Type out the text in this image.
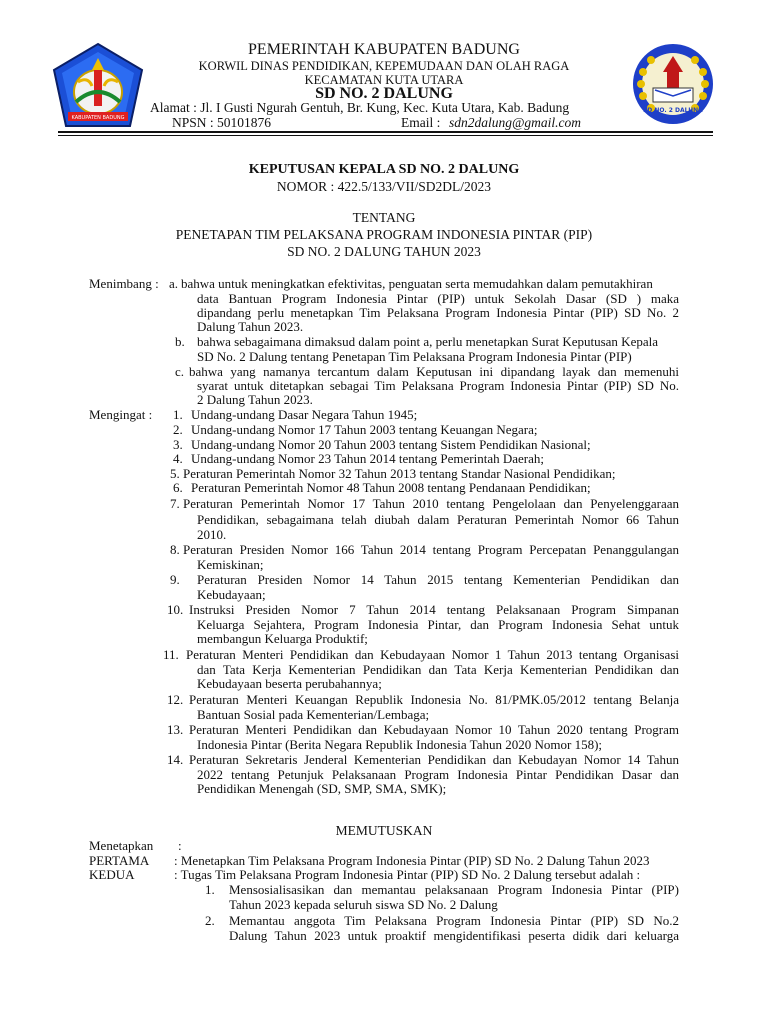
KABUPATEN BADUNG
SD NO. 2 DALUNG
PEMERINTAH KABUPATEN BADUNG
KORWIL DINAS PENDIDIKAN, KEPEMUDAAN DAN OLAH RAGA
KECAMATAN KUTA UTARA
SD NO. 2 DALUNG
Alamat : Jl. I Gusti Ngurah Gentuh, Br. Kung, Kec. Kuta Utara, Kab. Badung
NPSN : 50101876	Email : sdn2dalung@gmail.com
KEPUTUSAN KEPALA SD NO. 2 DALUNG
NOMOR : 422.5/133/VII/SD2DL/2023
TENTANG
PENETAPAN TIM PELAKSANA PROGRAM INDONESIA PINTAR (PIP)
SD NO. 2 DALUNG TAHUN 2023
Menimbang : a. bahwa untuk meningkatkan efektivitas, penguatan serta memudahkan dalam pemutakhiran
data Bantuan Program Indonesia Pintar (PIP) untuk Sekolah Dasar (SD ) maka
dipandang perlu menetapkan Tim Pelaksana Program Indonesia Pintar (PIP) SD No. 2
Dalung Tahun 2023.
b. bahwa sebagaimana dimaksud dalam point a, perlu menetapkan Surat Keputusan Kepala
SD No. 2 Dalung tentang Penetapan Tim Pelaksana Program Indonesia Pintar (PIP)
c. bahwa yang namanya tercantum dalam Keputusan ini dipandang layak dan memenuhi
syarat untuk ditetapkan sebagai Tim Pelaksana Program Indonesia Pintar (PIP) SD No.
2 Dalung Tahun 2023.
Mengingat : 1. Undang-undang Dasar Negara Tahun 1945;
2. Undang-undang Nomor 17 Tahun 2003 tentang Keuangan Negara;
3. Undang-undang Nomor 20 Tahun 2003 tentang Sistem Pendidikan Nasional;
4. Undang-undang Nomor 23 Tahun 2014 tentang Pemerintah Daerah;
5. Peraturan Pemerintah Nomor 32 Tahun 2013 tentang Standar Nasional Pendidikan;
6. Peraturan Pemerintah Nomor 48 Tahun 2008 tentang Pendanaan Pendidikan;
7. Peraturan Pemerintah Nomor 17 Tahun 2010 tentang Pengelolaan dan Penyelenggaraan
Pendidikan, sebagaimana telah diubah dalam Peraturan Pemerintah Nomor 66 Tahun
2010.
8. Peraturan Presiden Nomor 166 Tahun 2014 tentang Program Percepatan Penanggulangan
Kemiskinan;
9. Peraturan Presiden Nomor 14 Tahun 2015 tentang Kementerian Pendidikan dan
Kebudayaan;
10. Instruksi Presiden Nomor 7 Tahun 2014 tentang Pelaksanaan Program Simpanan
Keluarga Sejahtera, Program Indonesia Pintar, dan Program Indonesia Sehat untuk
membangun Keluarga Produktif;
11. Peraturan Menteri Pendidikan dan Kebudayaan Nomor 1 Tahun 2013 tentang Organisasi
dan Tata Kerja Kementerian Pendidikan dan Tata Kerja Kementerian Pendidikan dan
Kebudayaan beserta perubahannya;
12. Peraturan Menteri Keuangan Republik Indonesia No. 81/PMK.05/2012 tentang Belanja
Bantuan Sosial pada Kementerian/Lembaga;
13. Peraturan Menteri Pendidikan dan Kebudayaan Nomor 10 Tahun 2020 tentang Program
Indonesia Pintar (Berita Negara Republik Indonesia Tahun 2020 Nomor 158);
14. Peraturan Sekretaris Jenderal Kementerian Pendidikan dan Kebudayan Nomor 14 Tahun
2022 tentang Petunjuk Pelaksanaan Program Indonesia Pintar Pendidikan Dasar dan
Pendidikan Menengah (SD, SMP, SMA, SMK);
MEMUTUSKAN
Menetapkan :
PERTAMA : Menetapkan Tim Pelaksana Program Indonesia Pintar (PIP) SD No. 2 Dalung Tahun 2023
KEDUA	: Tugas Tim Pelaksana Program Indonesia Pintar (PIP) SD No. 2 Dalung tersebut adalah :
1. Mensosialisasikan dan memantau pelaksanaan Program Indonesia Pintar (PIP)
Tahun 2023 kepada seluruh siswa SD No. 2 Dalung
2. Memantau anggota Tim Pelaksana Program Indonesia Pintar (PIP) SD No.2
Dalung Tahun 2023 untuk proaktif mengidentifikasi peserta didik dari keluarga
